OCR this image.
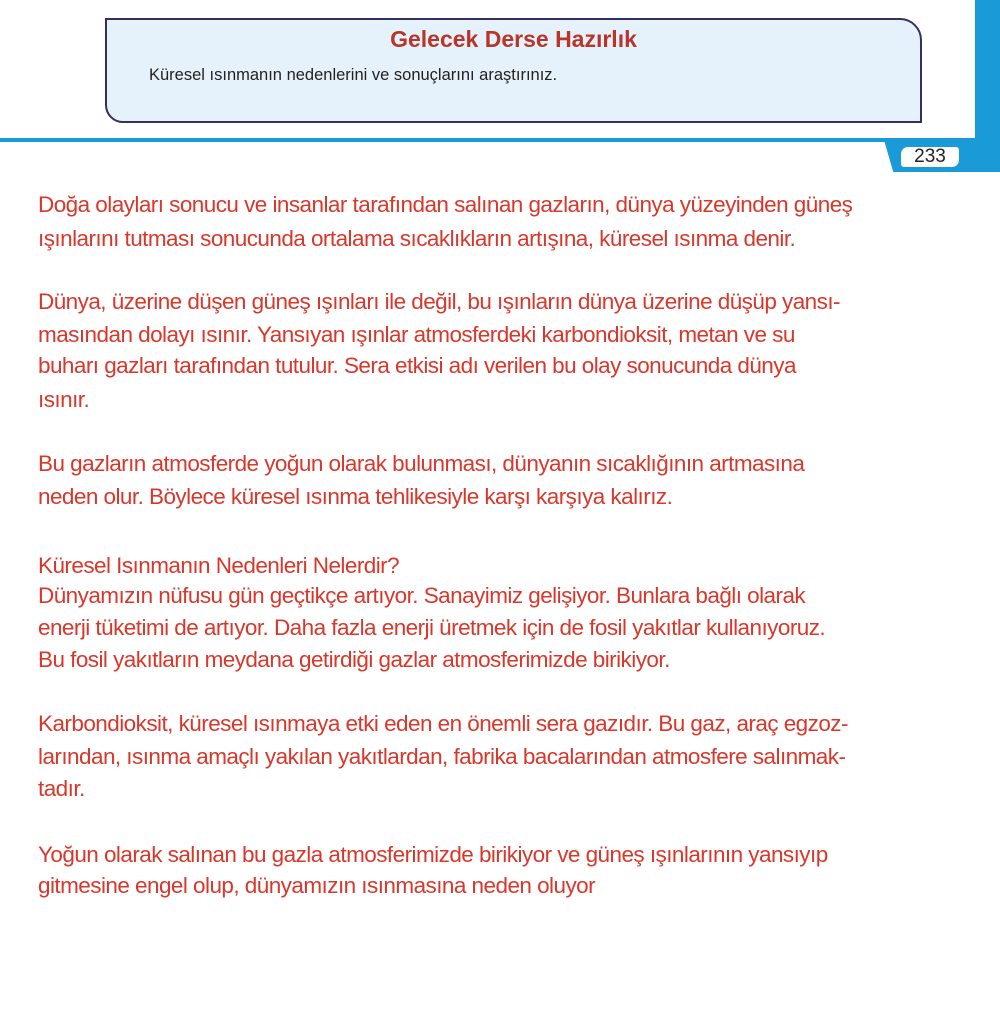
233
Gelecek Derse Hazırlık
Küresel ısınmanın nedenlerini ve sonuçlarını araştırınız.
Doğa olayları sonucu ve insanlar tarafından salınan gazların, dünya yüzeyinden güneş
ışınlarını tutması sonucunda ortalama sıcaklıkların artışına, küresel ısınma denir.
Dünya, üzerine düşen güneş ışınları ile değil, bu ışınların dünya üzerine düşüp yansı-
masından dolayı ısınır. Yansıyan ışınlar atmosferdeki karbondioksit, metan ve su
buharı gazları tarafından tutulur. Sera etkisi adı verilen bu olay sonucunda dünya
ısınır.
Bu gazların atmosferde yoğun olarak bulunması, dünyanın sıcaklığının artmasına
neden olur. Böylece küresel ısınma tehlikesiyle karşı karşıya kalırız.
Küresel Isınmanın Nedenleri Nelerdir?
Dünyamızın nüfusu gün geçtikçe artıyor. Sanayimiz gelişiyor. Bunlara bağlı olarak
enerji tüketimi de artıyor. Daha fazla enerji üretmek için de fosil yakıtlar kullanıyoruz.
Bu fosil yakıtların meydana getirdiği gazlar atmosferimizde birikiyor.
Karbondioksit, küresel ısınmaya etki eden en önemli sera gazıdır. Bu gaz, araç egzoz-
larından, ısınma amaçlı yakılan yakıtlardan, fabrika bacalarından atmosfere salınmak-
tadır.
Yoğun olarak salınan bu gazla atmosferimizde birikiyor ve güneş ışınlarının yansıyıp
gitmesine engel olup, dünyamızın ısınmasına neden oluyor
